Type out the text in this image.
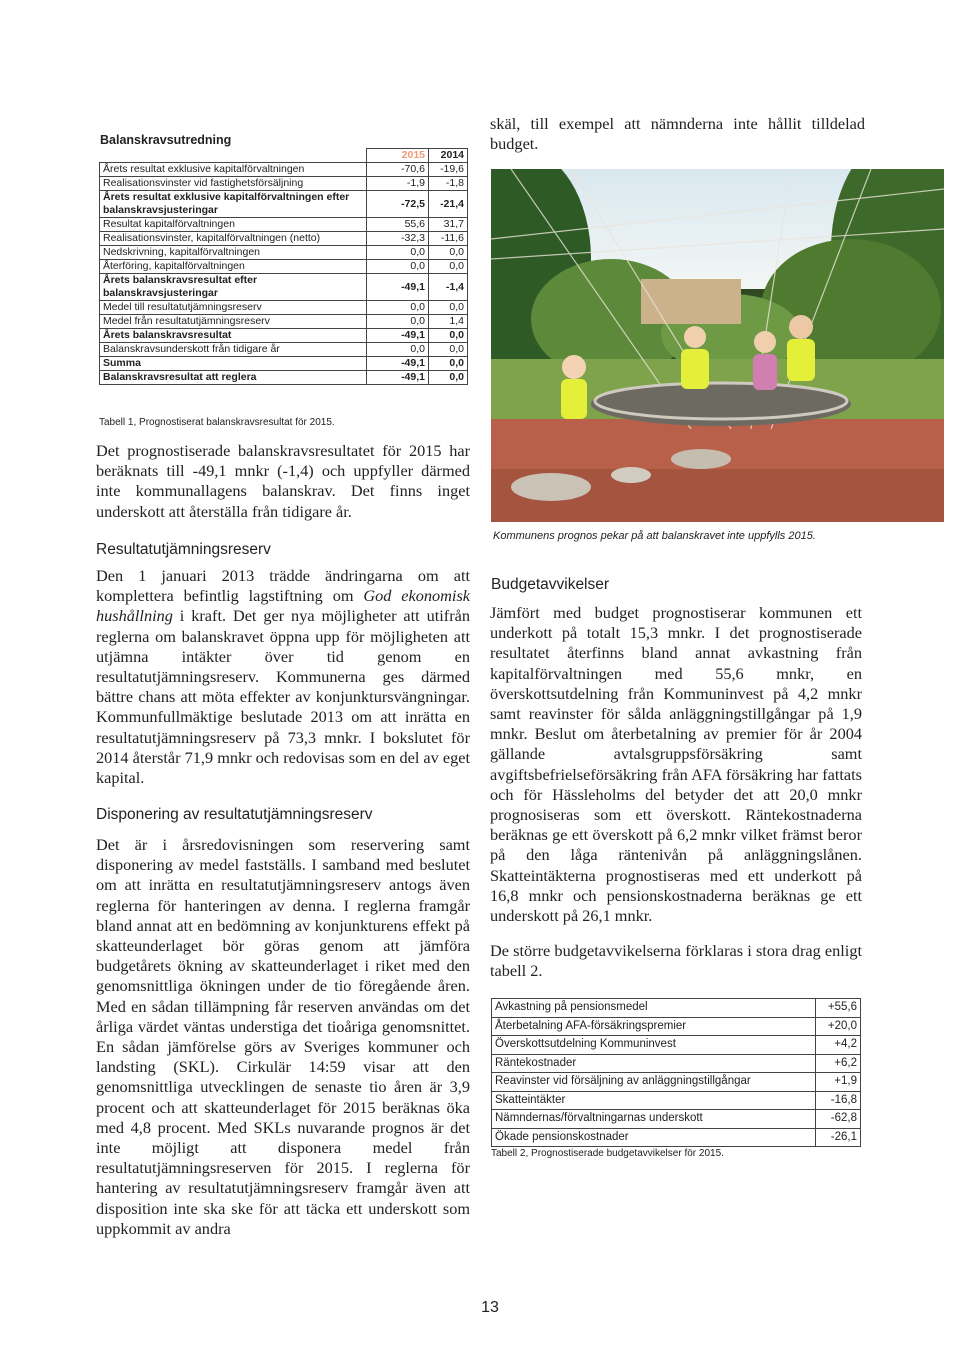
Balanskravsutredning
	2015	2014
Årets resultat exklusive kapitalförvaltningen	-70,6	-19,6
Realisationsvinster vid fastighetsförsäljning	-1,9	-1,8
Årets resultat exklusive kapitalförvaltningen efter balanskravsjusteringar	-72,5	-21,4
Resultat kapitalförvaltningen	55,6	31,7
Realisationsvinster, kapitalförvaltningen (netto)	-32,3	-11,6
Nedskrivning, kapitalförvaltningen	0,0	0,0
Återföring, kapitalförvaltningen	0,0	0,0
Årets balanskravsresultat efter balanskravsjusteringar	-49,1	-1,4
Medel till resultatutjämningsreserv	0,0	0,0
Medel från resultatutjämningsreserv	0,0	1,4
Årets balanskravsresultat	-49,1	0,0
Balanskravsunderskott från tidigare år	0,0	0,0
Summa	-49,1	0,0
Balanskravsresultat att reglera	-49,1	0,0
Tabell 1, Prognostiserat balanskravsresultat för 2015.

Det prognostiserade balanskravsresultatet för 2015 har beräknats till -49,1 mnkr (-1,4) och uppfyller därmed inte kommunallagens balanskrav. Det finns inget underskott att återställa från tidigare år.

Resultatutjämningsreserv

Den 1 januari 2013 trädde ändringarna om att komplettera befintlig lagstiftning om God ekonomisk hushållning i kraft. Det ger nya möjligheter att utifrån reglerna om balanskravet öppna upp för möjligheten att utjämna intäkter över tid genom en resultatutjämningsreserv. Kommunerna ges därmed bättre chans att möta effekter av konjunktursvängningar. Kommunfullmäktige beslutade 2013 om att inrätta en resultatutjämningsreserv på 73,3 mnkr. I bokslutet för 2014 återstår 71,9 mnkr och redovisas som en del av eget kapital.

Disponering av resultatutjämningsreserv

Det är i årsredovisningen som reservering samt disponering av medel fastställs. I samband med beslutet om att inrätta en resultatutjämningsreserv antogs även reglerna för hanteringen av denna. I reglerna framgår bland annat att en bedömning av konjunkturens effekt på skatteunderlaget bör göras genom att jämföra budgetårets ökning av skatteunderlaget i riket med den genomsnittliga ökningen under de tio föregående åren. Med en sådan tillämpning får reserven användas om det årliga värdet väntas understiga det tioåriga genomsnittet. En sådan jämförelse görs av Sveriges kommuner och landsting (SKL). Cirkulär 14:59 visar att den genomsnittliga utvecklingen de senaste tio åren är 3,9 procent och att skatteunderlaget för 2015 beräknas öka med 4,8 procent. Med SKLs nuvarande prognos är det inte möjligt att disponera medel från resultatutjämningsreserven för 2015. I reglerna för hantering av resultatutjämningsreserv framgår även att disposition inte ska ske för att täcka ett underskott som uppkommit av andra

skäl, till exempel att nämnderna inte hållit tilldelad budget.

Kommunens prognos pekar på att balanskravet inte uppfylls 2015.
Budgetavvikelser

Jämfört med budget prognostiserar kommunen ett underkott på totalt 15,3 mnkr. I det prognostiserade resultatet återfinns bland annat avkastning från kapitalförvaltningen med 55,6 mnkr, en överskottsutdelning från Kommuninvest på 4,2 mnkr samt reavinster för sålda anläggningstillgångar på 1,9 mnkr. Beslut om återbetalning av premier för år 2004 gällande avtalsgruppsförsäkring samt avgiftsbefrielseförsäkring från AFA försäkring har fattats och för Hässleholms del betyder det att 20,0 mnkr prognosiseras som ett överskott. Räntekostnaderna beräknas ge ett överskott på 6,2 mnkr vilket främst beror på den låga räntenivån på anläggningslånen. Skatteintäkterna prognostiseras med ett underkott på 16,8 mnkr och pensionskostnaderna beräknas ge ett underskott på 26,1 mnkr.

De större budgetavvikelserna förklaras i stora drag enligt tabell 2.

Avkastning på pensionsmedel	+55,6
Återbetalning AFA-försäkringspremier	+20,0
Överskottsutdelning Kommuninvest	+4,2
Räntekostnader	+6,2
Reavinster vid försäljning av anläggningstillgångar	+1,9
Skatteintäkter	-16,8
Nämndernas/förvaltningarnas underskott	-62,8
Ökade pensionskostnader	-26,1
Tabell 2, Prognostiserade budgetavvikelser för 2015.
13
